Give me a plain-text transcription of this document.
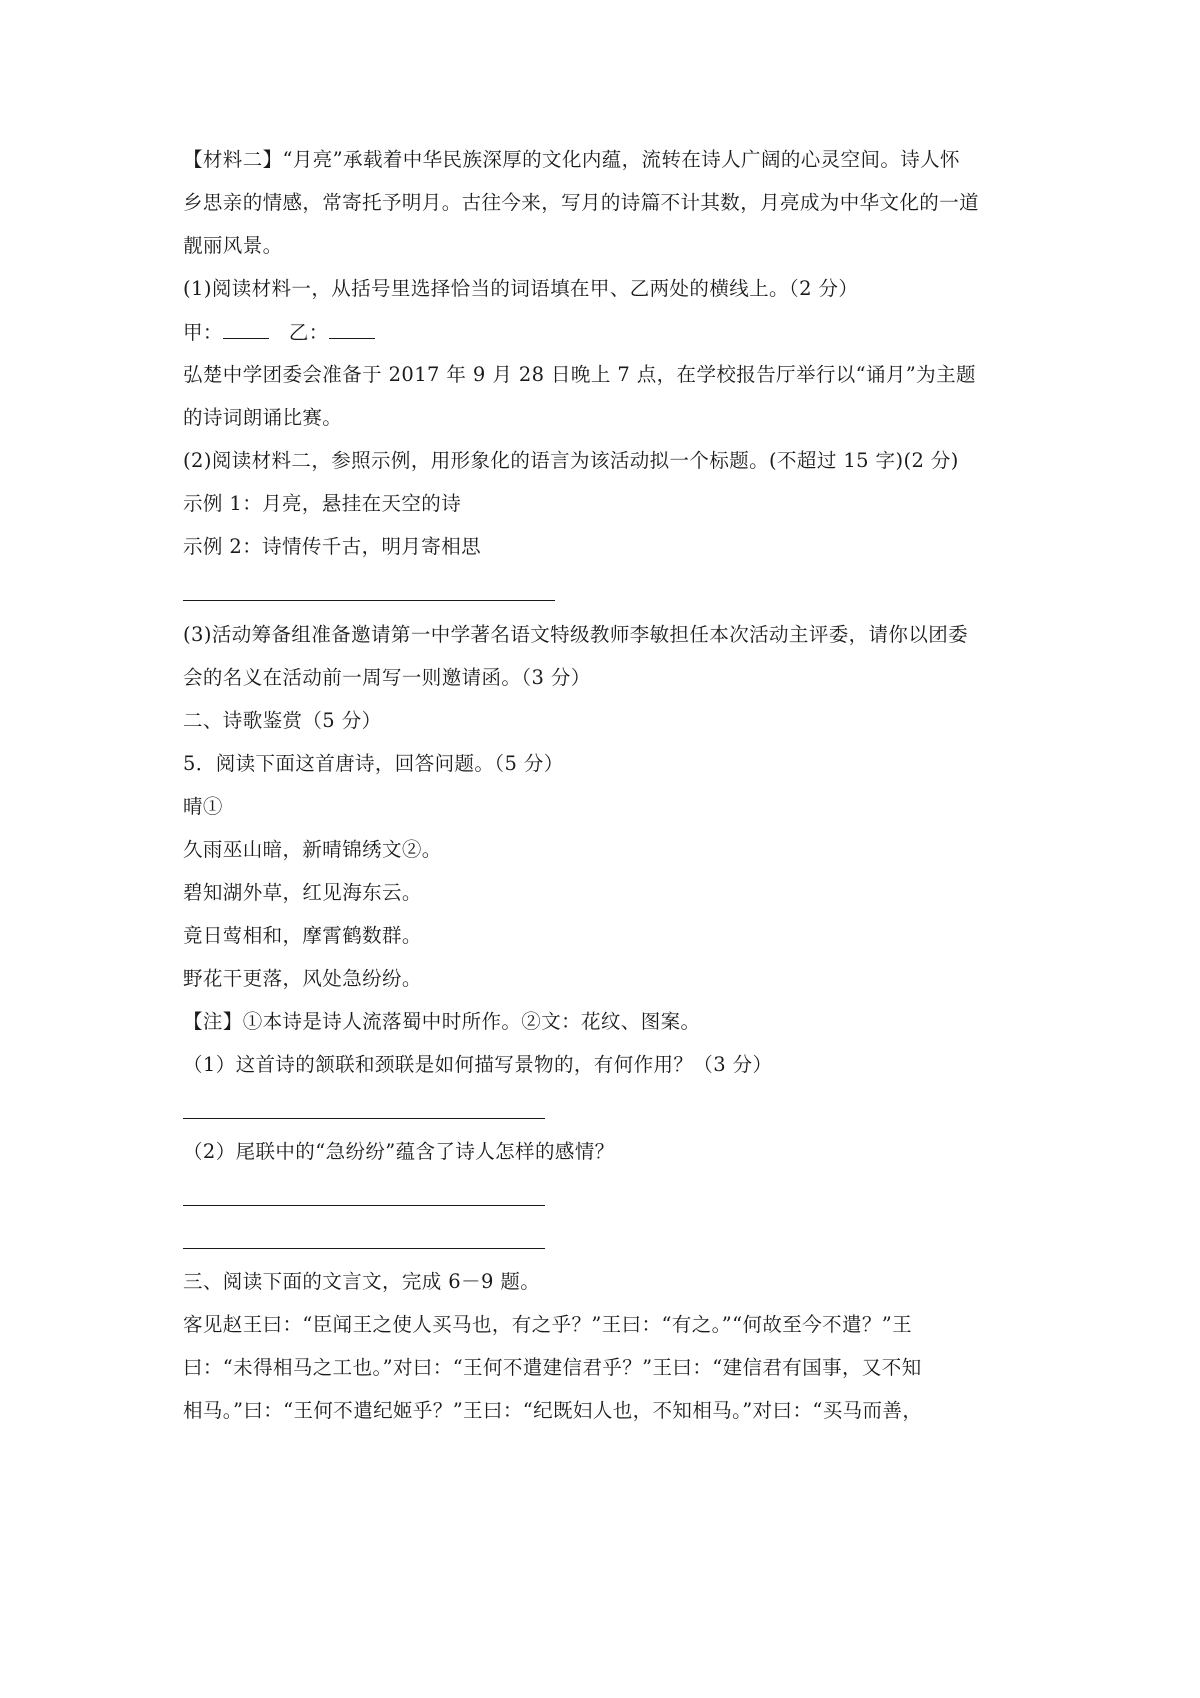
【材料二】“月亮”承载着中华民族深厚的文化内蕴，流转在诗人广阔的心灵空间。诗人怀
乡思亲的情感，常寄托予明月。古往今来，写月的诗篇不计其数，月亮成为中华文化的一道
靓丽风景。
(1)阅读材料一，从括号里选择恰当的词语填在甲、乙两处的横线上。（2 分）
甲：	乙：
弘楚中学团委会准备于 2017 年 9 月 28 日晚上 7 点，在学校报告厅举行以“诵月”为主题
的诗词朗诵比赛。
(2)阅读材料二，参照示例，用形象化的语言为该活动拟一个标题。(不超过 15 字)(2 分)
示例 1：月亮，悬挂在天空的诗
示例 2：诗情传千古，明月寄相思
(3)活动筹备组准备邀请第一中学著名语文特级教师李敏担任本次活动主评委，请你以团委
会的名义在活动前一周写一则邀请函。（3 分）
二、诗歌鉴赏（5 分）
5．阅读下面这首唐诗，回答问题。（5 分）
晴①
久雨巫山暗，新晴锦绣文②。
碧知湖外草，红见海东云。
竟日莺相和，摩霄鹤数群。
野花干更落，风处急纷纷。
【注】①本诗是诗人流落蜀中时所作。②文：花纹、图案。
（1）这首诗的颔联和颈联是如何描写景物的，有何作用？（3 分）
（2）尾联中的“急纷纷”蕴含了诗人怎样的感情？
三、阅读下面的文言文，完成 6－9 题。
客见赵王曰：“臣闻王之使人买马也，有之乎？”王曰：“有之。”“何故至今不遣？”王
曰：“未得相马之工也。”对曰：“王何不遣建信君乎？”王曰：“建信君有国事，又不知
相马。”曰：“王何不遣纪姬乎？”王曰：“纪既妇人也，不知相马。”对曰：“买马而善，
